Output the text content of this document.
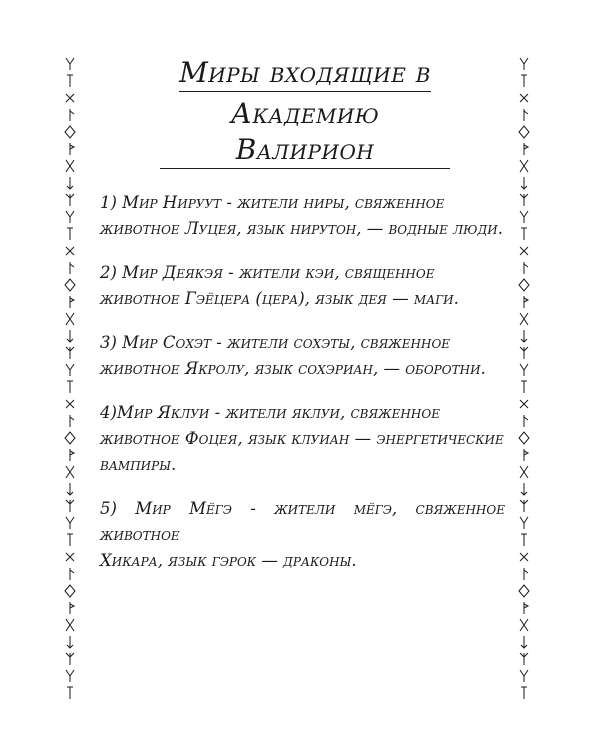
Миры входящие в
Академию Валирион

1) Мир Нируут - жители ниры, свяженное
животное Луцея, язык нирутон, — водные люди.

2) Мир Деякэя - жители кэи, священное
животное Гэёцера (цера), язык дея — маги.

3) Мир Сохэт - жители сохэты, свяженное
животное Якролу, язык сохэриан, — оборотни.

4)Мир Яклуи - жители яклуи, свяженное
животное Фоцея, язык клуиан — энергетические
вампиры.

5) Мир Мёгэ - жители мёгэ, свяженное животное
Хикара, язык гэрок — драконы.
